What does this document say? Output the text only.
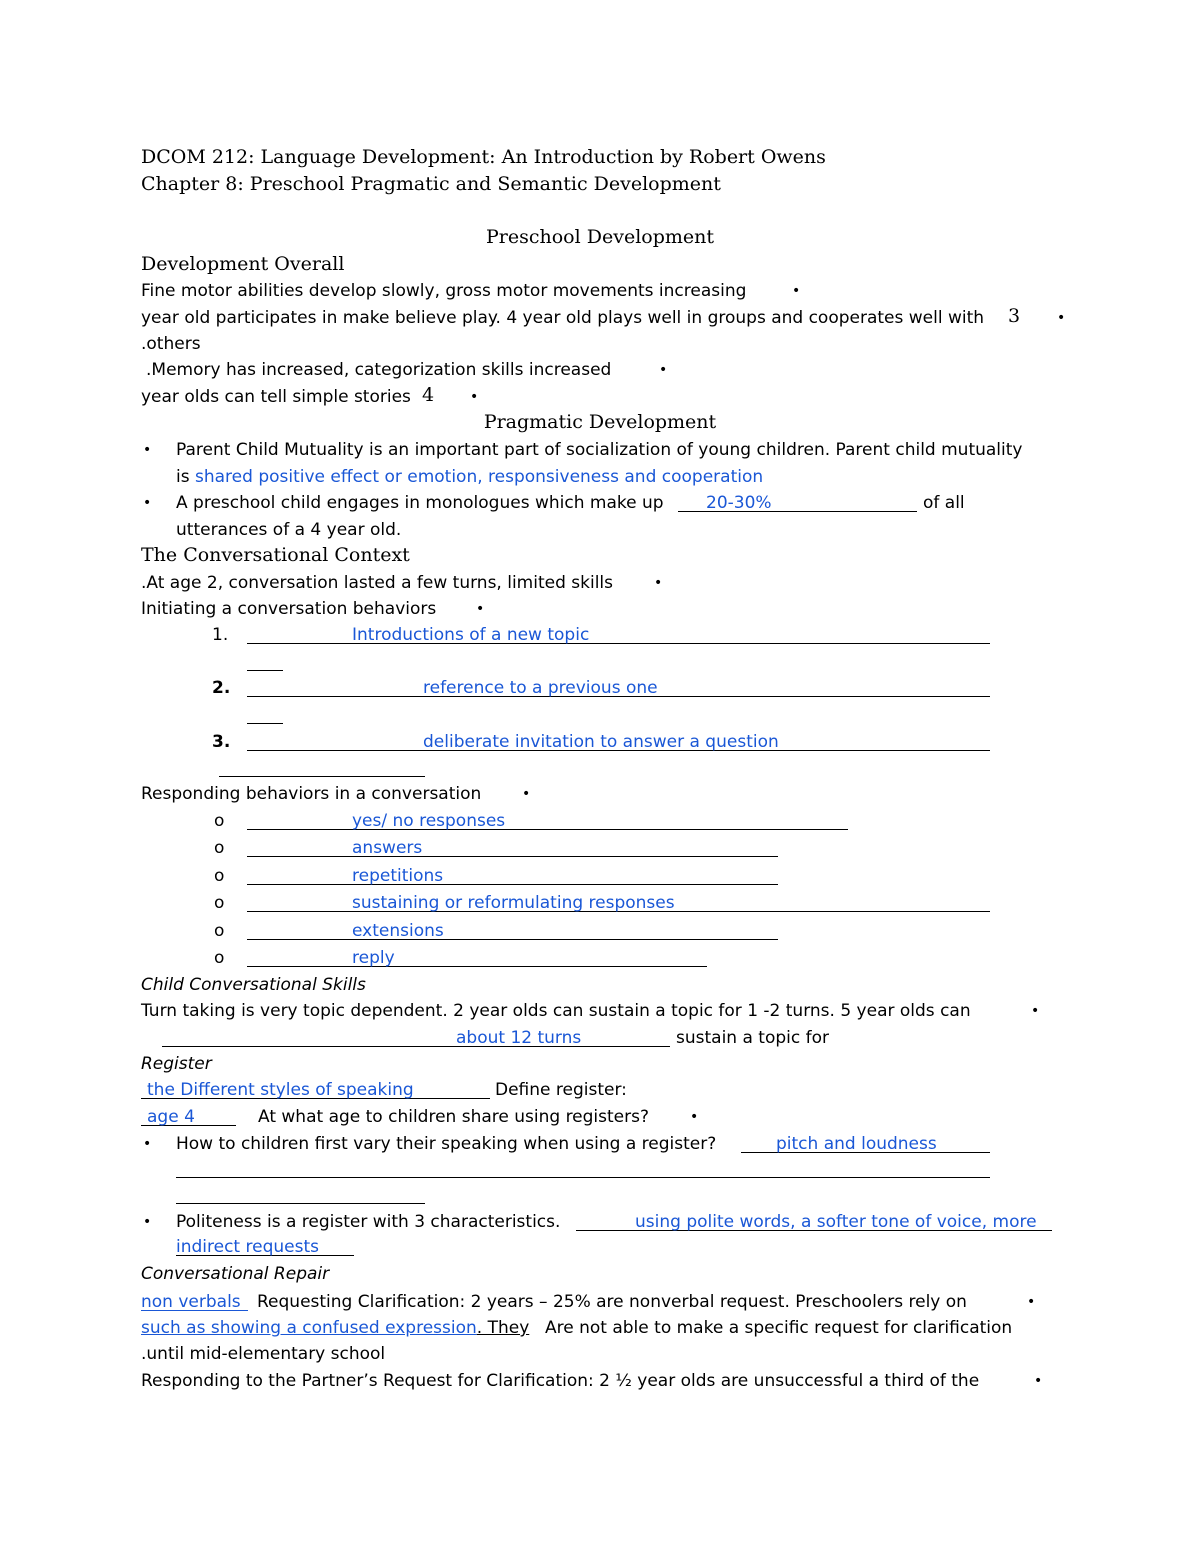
DCOM 212: Language Development: An Introduction by Robert Owens
Chapter 8: Preschool Pragmatic and Semantic Development
Preschool Development
Development Overall
Fine motor abilities develop slowly, gross motor movements increasing	•
year old participates in make believe play. 4 year old plays well in groups and cooperates well with 3	•
.others
.Memory has increased, categorization skills increased	•
year olds can tell simple stories 4	•
Pragmatic Development
• Parent Child Mutuality is an important part of socialization of young children. Parent child mutuality
is shared positive effect or emotion, responsiveness and cooperation
• A preschool child engages in monologues which make up 20-30%	of all
utterances of a 4 year old.
The Conversational Context
.At age 2, conversation lasted a few turns, limited skills	•
Initiating a conversation behaviors	•
1.	Introductions of a new topic
2.	reference to a previous one
3.	deliberate invitation to answer a question
Responding behaviors in a conversation	•
o	yes/ no responses
o	answers
o	repetitions
o	sustaining or reformulating responses
o	extensions
o	reply
Child Conversational Skills
Turn taking is very topic dependent. 2 year olds can sustain a topic for 1 -2 turns. 5 year olds can	•
about 12 turns	sustain a topic for
Register
the Different styles of speaking	Define register:
age 4	At what age to children share using registers?	•
• How to children first vary their speaking when using a register?	pitch and loudness
• Politeness is a register with 3 characteristics.	using polite words, a softer tone of voice, more
indirect requests
Conversational Repair
non verbals Requesting Clarification: 2 years – 25% are nonverbal request. Preschoolers rely on	•
such as showing a confused expression. They Are not able to make a specific request for clarification
.until mid-elementary school
Responding to the Partner’s Request for Clarification: 2 ½ year olds are unsuccessful a third of the	•
